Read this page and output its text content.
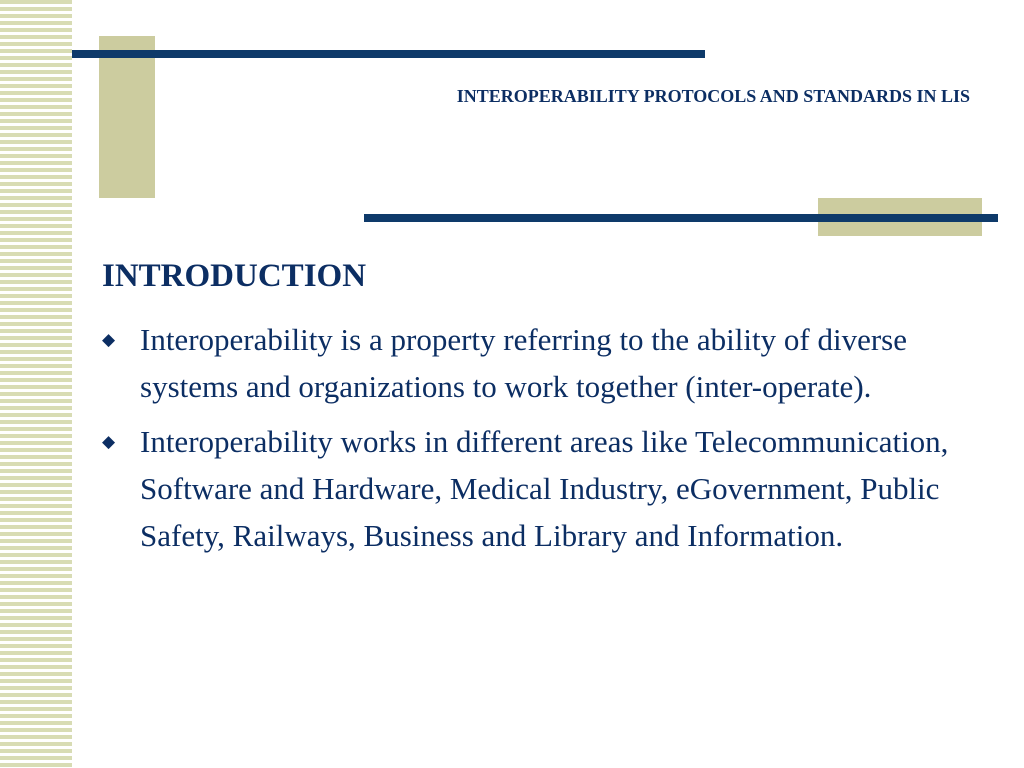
INTEROPERABILITY PROTOCOLS AND STANDARDS IN LIS
INTRODUCTION
◆ Interoperability is a property referring to the ability of diverse systems and organizations to work together (inter-operate).
◆ Interoperability works in different areas like Telecommunication, Software and Hardware, Medical Industry, eGovernment, Public Safety, Railways, Business and Library and Information.
